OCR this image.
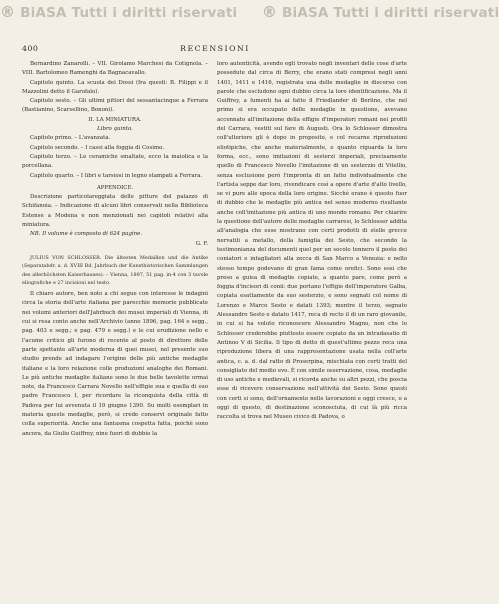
® BiASA Tutti i diritti riservati ® BiASA Tutti i diritti riservati
400	RECENSIONI

Bernardino Zanarolli. – VII. Girolamo Marchesi da Cotignola. – VIII. Bartolomeo Ramenghi da Bagnacavallo.

Capitolo quinto. La scuola dei Dossi (fra questi: B. Filippi e il Mazzolini detto il Garofalo).

Capitolo sesto. – Gli ultimi pittori del sessantacinque a Ferrara (Bastianino, Scarsellino, Bononi).

II. LA MINIATURA.

Libro quinto.

Capitolo primo. – L'avanzata.

Capitolo secondo. – I cassi alla foggia di Cosimo.

Capitolo terzo. – Le ceramiche smaltate, ecco la maiolica e la porcellana.

Capitolo quarto. – I libri e tarsiosi in legno stampati a Ferrara.

APPENDICE.

Descrizione particolareggiata delle pitture del palazzo di Schifanoia. – Indicazione di alcuni libri conservati nella Biblioteca Estense a Modena e non menzionati nei capitoli relativi alla miniatura.

NB. Il volume è composto di 624 pagine.

G. F.

JULIUS VON SCHLOSSER. Die ältesten Medaillen und die Antike (Separatabdr. a. d. XVIII Bd. Jahrbuch der Kunsthistorischen Sammlungen des allerhöchsten Kaiserhauses). – Vienna, 1897, 51 pag. in-4 con 3 tavole eliografiche e 27 incisioni nel testo.

Il chiaro autore, ben noto a chi segue con interesse le indagini circa la storia dell'arte italiana per parecchie memorie pubblicate nei volumi anteriori dell'Jahrbuch dei musei imperiali di Vienna, di cui si resa conto anche nell'Archivio (anno 1896, pag. 164 e segg., pag. 403 e segg.; e pag. 479 e segg.) e le cui erudizione nello e l'acume critico gli furono di recente al posto di direttore delle parte spettante all'arte moderna di quei musei, nel presente suo studio prende ad indagare l'origine delle più antiche medaglie italiane e la loro relazione colle produzioni analoghe dei Romani. Le più antiche medaglie italiane sono le due belle tavolette ormai note, da Francesco Carrara Novello nell'effigie sua e quella di suo padre Francesco I, per ricordare la riconquista della città di Padova per lui avvenuta il 19 giugno 1390. Su molti esemplari in materia queste medaglie, però, si crede conservi originale fatto colla superiorità. Anche una fantasma cospetta fatta, poichè sono ancora, da Giulio Guiffrey, nine fuori di dubbio la

loro autenticità, avendo egli trovato negli inventari delle cose d'arte possedute dal circa di Berry, che erano stati compresi negli anni 1401, 1411 e 1416, registrata una delle medaglie in discorso con parole che escludono ogni dubbio circa la loro identificazione. Ma il Guiffrey, a lumenti ha ai fatto il Friedlander di Berlino, che nel primo si era occupato delle medaglie in questione, avevano accennato all'imitazione della effigie d'imperatori romani nei profili del Carrara, vestiti sul fare di Augusti. Ora lo Schlosser dimostra coll'ulteriore gli è dopo in proposito, e col recarne riproduzioni eliotipiche, che anche materialmente, e quanto riguarda la loro forma, ecc., sono imitazioni di sesterzi imperiali, precisamente quello di Francesco Novello l'imitazione di un sesterzio di Vitellio, senza esclusione però l'impronta di un fatto individualmente che l'artista seppe dar loro, rivendicare così a opere d'arte d'alto livello, se vi pure alle epoca della loro origine. Sicchè erano è questo fuor di dubbio che le medaglie più antica nel senso moderno risultante anche coll'imitazione più antica di uno mondo romano. Per chiarire la questione dell'autore delle medaglie carraresi, lo Schlosser addita all'analogia che esse mostrano con certi prodotti di stelle grecce nervatili a metallo, della famiglia dei Sesto, che secondo la testimonianza del documenti quel per un secolo tennero il posto dei coniatori e intagliatori alla zecca di San Marco a Venezia: e nello stesso tempo godevano di gran fama come orefici. Sono essi che preso a guisa di medaglie copiate, a quanto pare, come però a foggia d'incisori di conii: due portano l'effigie dell'imperatore Galba, copiata esattamente da suo sesterzio, e sono segnati col nome di Lorenzo e Marco Sesto e datati 1393; mentre il terzo, segnato Alessandro Sesto e datato 1417, reca di recto il di un raro giovanile, in cui si ha voluto riconoscere Alessandro Magno, non che lo Schlosser crederebbe piuttosto essere copiato da un intradasatio di Antinoo V di Sicilia. Il tipo di detto di quest'ultimo pezzo reca una riproduzione libera di una rappresentazione usata nella coll'arte antica, c. a. d. dal ratto di Proserpina, mischiata con certi tratti del consigliato del medio evo. È con simile osservazione, cosa, medaglie di uso antiche e medievali, si ricorda anche su altri pezzi, che poscia esse di ricevere conservazione nell'attività dei Sesto. Sono questi con certi si sono, dell'ornamento nelle lavorazioni e oggi cresce, o a oggi di questo, di destinazione sconosciuta, di cui là più ricca raccolta si trova nel Museo civico di Padova, o
